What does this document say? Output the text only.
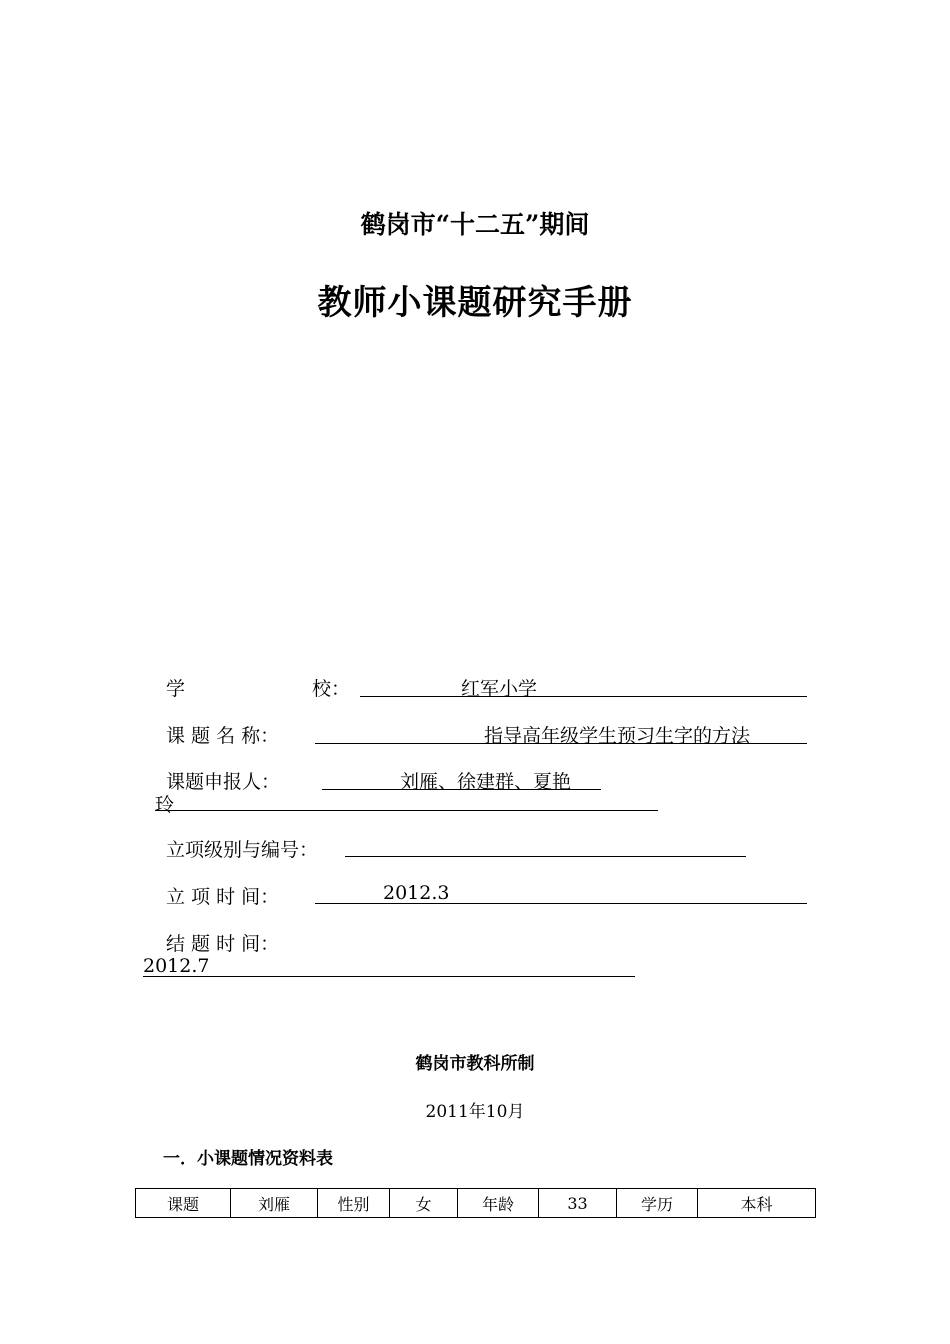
鹤岗市“十二五”期间
教师小课题研究手册
学	校：	红军小学
课 题 名 称：	指导高年级学生预习生字的方法
课题申报人：	刘雁、徐建群、夏艳
玲
立项级别与编号：
立 项 时 间：	2012.3
结 题 时 间：
2012.7
鹤岗市教科所制
2011年10月
一．小课题情况资料表
课题	刘雁	性别	女	年龄	33	学历	本科
